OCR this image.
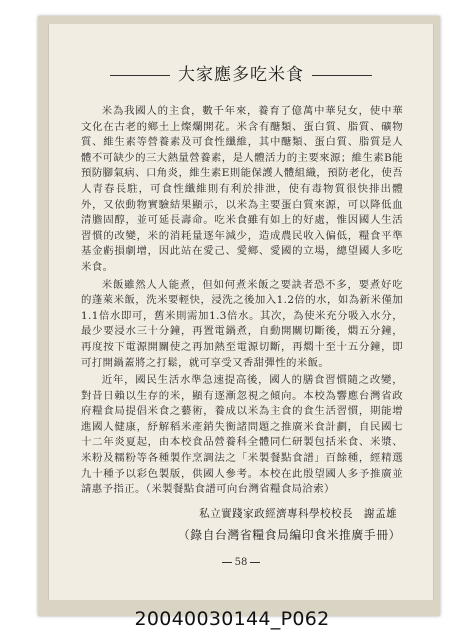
大家應多吃米食

米為我國人的主食，數千年來，養育了億萬中華兒女，使中華文化在古老的鄉土上燦爛開花。米含有醣類、蛋白質、脂質、礦物質、維生素等營養素及可食性纖維，其中醣類、蛋白質、脂質是人體不可缺少的三大熱量營養素，是人體活力的主要來源；維生素B能預防腳氣病、口角炎，維生素E則能保護人體組織，預防老化，使吾人青春長駐，可食性纖維則有利於排泄，使有毒物質很快排出體外，又依動物實驗結果顯示，以米為主要蛋白質來源，可以降低血清膽固醇，並可延長壽命。吃米食雖有如上的好處，惟因國人生活習慣的改變，米的消耗量逐年減少，造成農民收入偏低，糧食平準基金虧損劇增，因此站在愛己、愛鄉、愛國的立場，總望國人多吃米食。

米飯雖然人人能煮，但如何煮米飯之要訣者恐不多，要煮好吃的蓬萊米飯，洗米要輕快，浸洗之後加入1.2倍的水，如為新米僅加1.1倍水即可，舊米則需加1.3倍水。其次，為使米充分吸入水分，最少要浸水三十分鐘，再置電鍋煮，自動開關切斷後，燜五分鐘，再度按下電源開關使之再加熱至電源切斷，再燜十至十五分鐘，即可打開鍋蓋將之打鬆，就可享受又香甜彈性的米飯。

近年，國民生活水準急速提高後，國人的膳食習慣隨之改變，對昔日賴以生存的米，顯有逐漸忽視之傾向。本校為響應台灣省政府糧食局提倡米食之藝術，養成以米為主食的食生活習慣，期能增進國人健康，紓解稻米產銷失衡諸問題之推廣米食計劃，自民國七十二年炎夏起，由本校食品營養科全體同仁研製包括米食、米漿、米粉及糯粉等各種製作烹調法之「米製餐點食譜」百餘種，經精選九十種予以彩色製版，供國人參考。本校在此殷望國人多予推廣並請惠予指正。（米製餐點食譜可向台灣省糧食局洽索）

私立實踐家政經濟專科學校校長　謝孟雄
（錄自台灣省糧食局編印食米推廣手冊）
58
20040030144_P062
